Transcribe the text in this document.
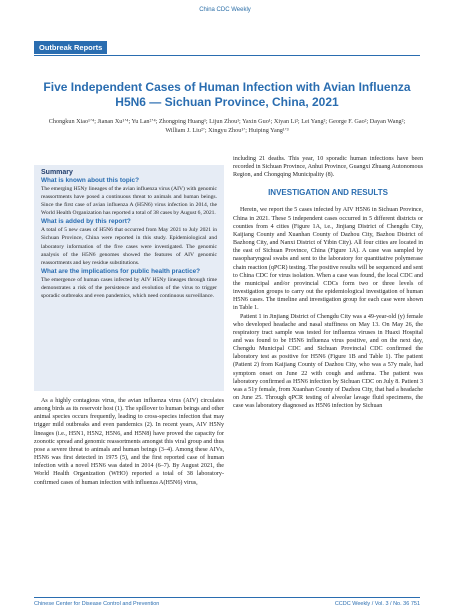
China CDC Weekly
Outbreak Reports
Five Independent Cases of Human Infection with Avian Influenza H5N6 — Sichuan Province, China, 2021
Chongkun Xiao¹’⁴; Jianan Xu¹’⁴; Yu Lan²’⁴; Zhongping Huang¹; Lijun Zhou¹; Yaxin Guo¹; Xiyan Li²; Lei Yang²; George F. Gao²; Dayan Wang²; William J. Liu²’; Xingyu Zhou¹’; Huiping Yang¹’³
Summary
What is known about this topic?

The emerging H5Ny lineages of the avian influenza virus (AIV) with genomic reassortments have posed a continuous threat to animals and human beings. Since the first case of avian influenza A (H5N6) virus infection in 2014, the World Health Organization has reported a total of 38 cases by August 6, 2021.

What is added by this report?

A total of 5 new cases of H5N6 that occurred from May 2021 to July 2021 in Sichuan Province, China were reported in this study. Epidemiological and laboratory information of the five cases were investigated. The genomic analysis of the H5N6 genomes showed the features of AIV genomic reassortments and key residue substitutions.

What are the implications for public health practice?

The emergence of human cases infected by AIV H5Ny lineages through time demonstrates a risk of the persistence and evolution of the virus to trigger sporadic outbreaks and even pandemics, which need continuous surveillance.

As a highly contagious virus, the avian influenza virus (AIV) circulates among birds as its reservoir host (1). The spillover to human beings and other animal species occurs frequently, leading to cross-species infection that may trigger mild outbreaks and even pandemics (2). In recent years, AIV H5Ny lineages (i.e., H5N1, H5N2, H5N6, and H5N8) have proved the capacity for zoonotic spread and genomic reassortments amongst this viral group and thus pose a severe threat to animals and human beings (3–4). Among these AIVs, H5N6 was first detected in 1975 (5), and the first reported case of human infection with a novel H5N6 was dated in 2014 (6–7). By August 2021, the World Health Organization (WHO) reported a total of 38 laboratory-confirmed cases of human infection with influenza A(H5N6) virus,

including 21 deaths. This year, 10 sporadic human infections have been recorded in Sichuan Province, Anhui Province, Guangxi Zhuang Autonomous Region, and Chongqing Municipality (8).

INVESTIGATION AND RESULTS

Herein, we report the 5 cases infected by AIV H5N6 in Sichuan Province, China in 2021. These 5 independent cases occurred in 5 different districts or counties from 4 cities (Figure 1A, i.e., Jinjiang District of Chengdu City, Kaijiang County and Xuanhan County of Dazhou City, Bazhou District of Bazhong City, and Nanxi District of Yibin City). All four cities are located in the east of Sichuan Province, China (Figure 1A). A case was sampled by nasopharyngeal swabs and sent to the laboratory for quantitative polymerase chain reaction (qPCR) testing. The positive results will be sequenced and sent to China CDC for virus isolation. When a case was found, the local CDC and the municipal and/or provincial CDCs form two or three levels of investigation groups to carry out the epidemiological investigation of human H5N6 cases. The timeline and investigation group for each case were shown in Table 1.

Patient 1 in Jinjiang District of Chengdu City was a 49-year-old (y) female who developed headache and nasal stuffiness on May 13. On May 26, the respiratory tract sample was tested for influenza viruses in Huaxi Hospital and was found to be H5N6 influenza virus positive, and on the next day, Chengdu Municipal CDC and Sichuan Provincial CDC confirmed the laboratory test as positive for H5N6 (Figure 1B and Table 1). The patient (Patient 2) from Kaijiang County of Dazhou City, who was a 57y male, had symptom onset on June 22 with cough and asthma. The patient was laboratory confirmed as H5N6 infection by Sichuan CDC on July 8. Patient 3 was a 51y female, from Xuanhan County of Dazhou City, that had a headache on June 25. Through qPCR testing of alveolar lavage fluid specimens, the case was laboratory diagnosed as H5N6 infection by Sichuan

Chinese Center for Disease Control and Prevention	CCDC Weekly / Vol. 3 / No. 36 751
